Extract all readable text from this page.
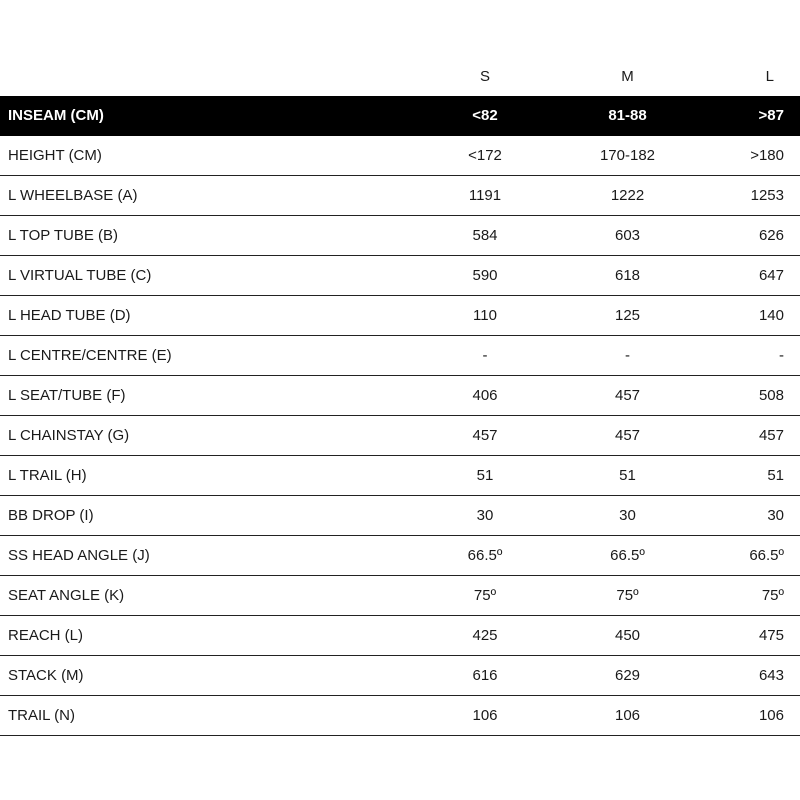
	S	M	L
INSEAM (CM)	<82	81-88	>87
HEIGHT (CM)	<172	170-182	>180
L WHEELBASE (A)	1191	1222	1253
L TOP TUBE (B)	584	603	626
L VIRTUAL TUBE (C)	590	618	647
L HEAD TUBE (D)	110	125	140
L CENTRE/CENTRE (E)	-	-	-
L SEAT/TUBE (F)	406	457	508
L CHAINSTAY (G)	457	457	457
L TRAIL (H)	51	51	51
BB DROP (I)	30	30	30
SS HEAD ANGLE (J)	66.5º	66.5º	66.5º
SEAT ANGLE (K)	75º	75º	75º
REACH (L)	425	450	475
STACK (M)	616	629	643
TRAIL (N)	106	106	106
